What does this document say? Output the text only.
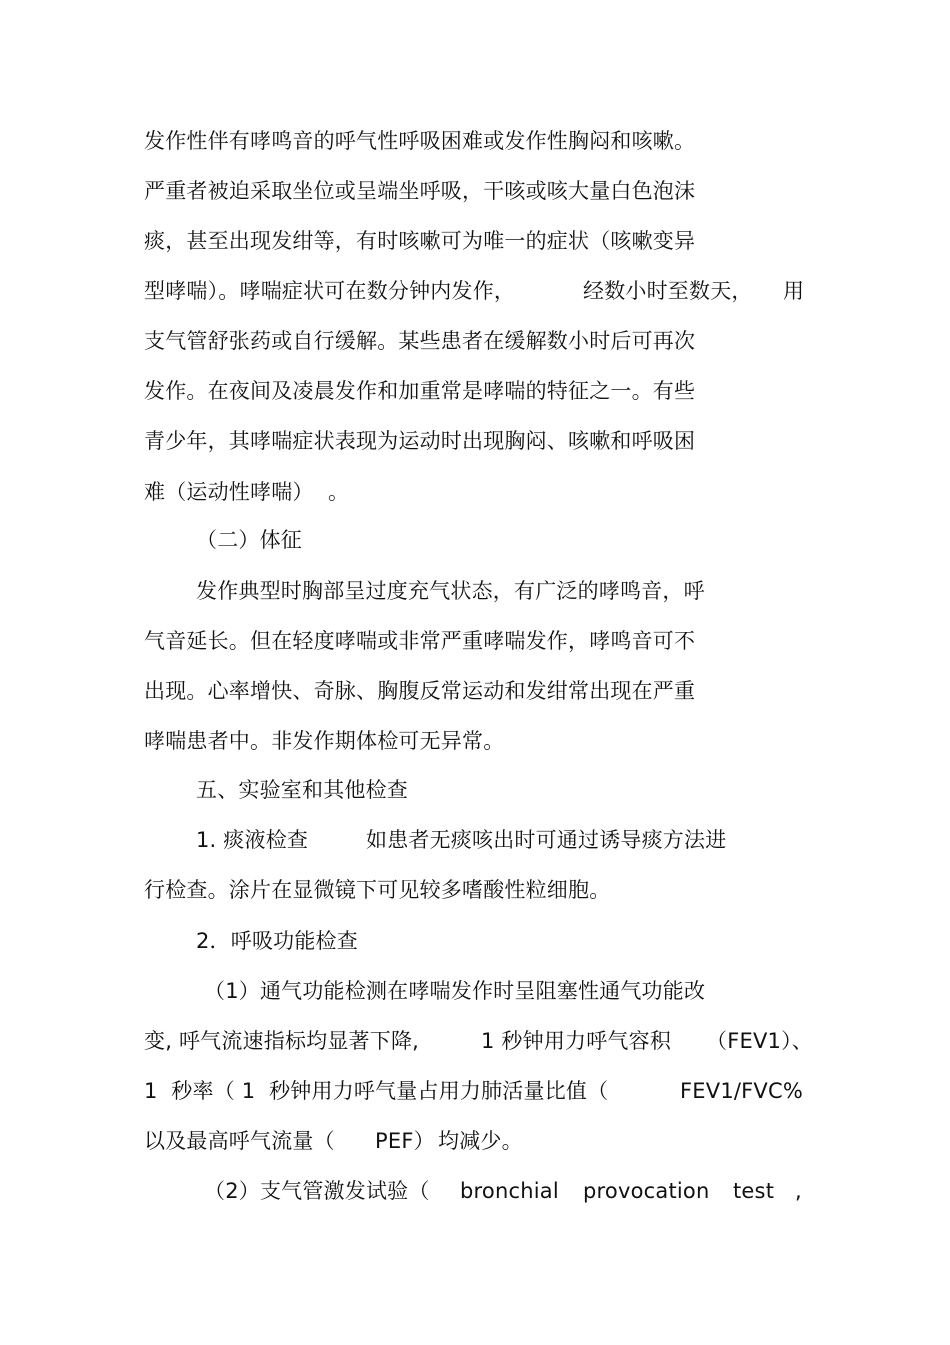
发作性伴有哮鸣音的呼气性呼吸困难或发作性胸闷和咳嗽。
严重者被迫采取坐位或呈端坐呼吸，干咳或咳大量白色泡沫
痰，甚至出现发绀等，有时咳嗽可为唯一的症状（咳嗽变异
型哮喘）。哮喘症状可在数分钟内发作，	经数小时至数天， 用
支气管舒张药或自行缓解。某些患者在缓解数小时后可再次
发作。在夜间及凌晨发作和加重常是哮喘的特征之一。有些
青少年，其哮喘症状表现为运动时出现胸闷、咳嗽和呼吸困
难（运动性哮喘） 。
（二）体征
发作典型时胸部呈过度充气状态，有广泛的哮鸣音，呼
气音延长。但在轻度哮喘或非常严重哮喘发作，哮鸣音可不
出现。心率增快、奇脉、胸腹反常运动和发绀常出现在严重
哮喘患者中。非发作期体检可无异常。
五、实验室和其他检查
1. 痰液检查	如患者无痰咳出时可通过诱导痰方法进
行检查。涂片在显微镜下可见较多嗜酸性粒细胞。
2．呼吸功能检查
（1）通气功能检测在哮喘发作时呈阻塞性通气功能改
变, 呼气流速指标均显著下降,	1 秒钟用力呼气容积 （FEV1）、
1  秒率（ 1  秒钟用力呼气量占用力肺活量比值（	FEV1/FVC%
以及最高呼气流量（ PEF） 均减少。
（2）支气管激发试验（ bronchial provocation test ,
